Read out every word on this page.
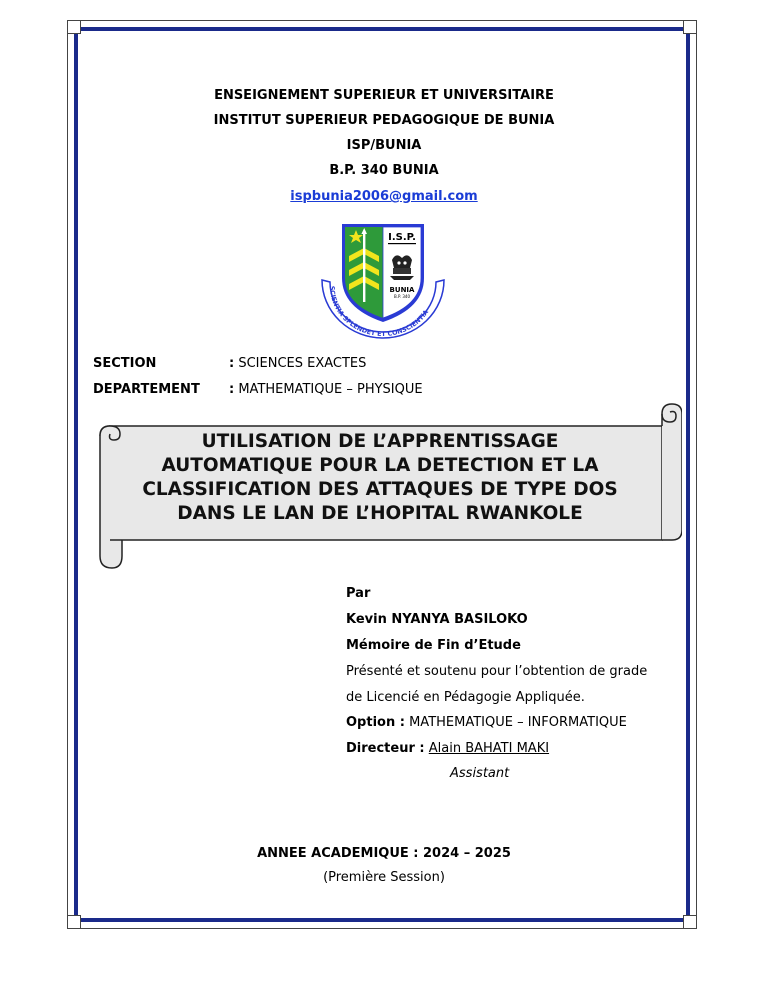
ENSEIGNEMENT SUPERIEUR ET UNIVERSITAIRE
INSTITUT SUPERIEUR PEDAGOGIQUE DE BUNIA
ISP/BUNIA
B.P. 340 BUNIA
ispbunia2006@gmail.com
SCIENTIA SPLENDET ET CONSCIENTIA
I.S.P.
BUNIA
B.P. 340
SECTION	: SCIENCES EXACTES
DEPARTEMENT : MATHEMATIQUE – PHYSIQUE
UTILISATION DE L’APPRENTISSAGE
AUTOMATIQUE POUR LA DETECTION ET LA
CLASSIFICATION DES ATTAQUES DE TYPE DOS
DANS LE LAN DE L’HOPITAL RWANKOLE
Par
Kevin NYANYA BASILOKO
Mémoire de Fin d’Etude
Présenté et soutenu pour l’obtention de grade
de Licencié en Pédagogie Appliquée.
Option : MATHEMATIQUE – INFORMATIQUE
Directeur : Alain BAHATI MAKI
Assistant
ANNEE ACADEMIQUE : 2024 – 2025
(Première Session)
